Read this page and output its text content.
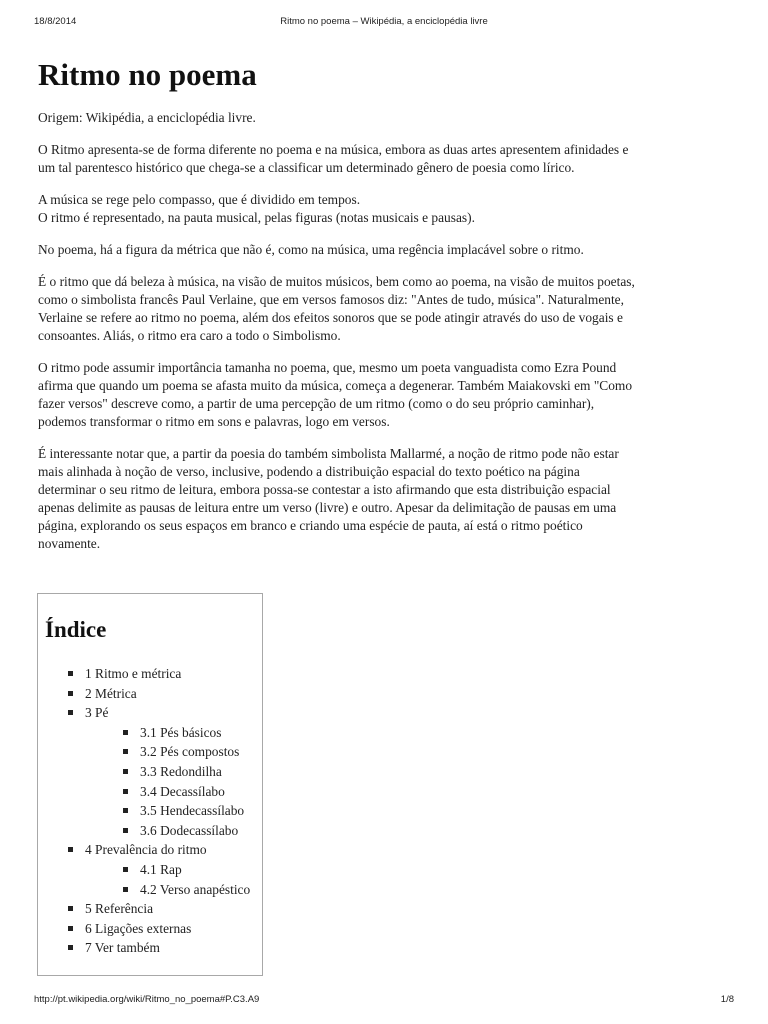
18/8/2014	Ritmo no poema – Wikipédia, a enciclopédia livre
Ritmo no poema
Origem: Wikipédia, a enciclopédia livre.

O Ritmo apresenta-se de forma diferente no poema e na música, embora as duas artes apresentem afinidades e
um tal parentesco histórico que chega-se a classificar um determinado gênero de poesia como lírico.

A música se rege pelo compasso, que é dividido em tempos.
O ritmo é representado, na pauta musical, pelas figuras (notas musicais e pausas).

No poema, há a figura da métrica que não é, como na música, uma regência implacável sobre o ritmo.

É o ritmo que dá beleza à música, na visão de muitos músicos, bem como ao poema, na visão de muitos poetas,
como o simbolista francês Paul Verlaine, que em versos famosos diz: "Antes de tudo, música". Naturalmente,
Verlaine se refere ao ritmo no poema, além dos efeitos sonoros que se pode atingir através do uso de vogais e
consoantes. Aliás, o ritmo era caro a todo o Simbolismo.

O ritmo pode assumir importância tamanha no poema, que, mesmo um poeta vanguadista como Ezra Pound
afirma que quando um poema se afasta muito da música, começa a degenerar. Também Maiakovski em "Como
fazer versos" descreve como, a partir de uma percepção de um ritmo (como o do seu próprio caminhar),
podemos transformar o ritmo em sons e palavras, logo em versos.

É interessante notar que, a partir da poesia do também simbolista Mallarmé, a noção de ritmo pode não estar
mais alinhada à noção de verso, inclusive, podendo a distribuição espacial do texto poético na página
determinar o seu ritmo de leitura, embora possa-se contestar a isto afirmando que esta distribuição espacial
apenas delimite as pausas de leitura entre um verso (livre) e outro. Apesar da delimitação de pausas em uma
página, explorando os seus espaços em branco e criando uma espécie de pauta, aí está o ritmo poético
novamente.

Índice
1 Ritmo e métrica
2 Métrica
3 Pé
3.1 Pés básicos
3.2 Pés compostos
3.3 Redondilha
3.4 Decassílabo
3.5 Hendecassílabo
3.6 Dodecassílabo
4 Prevalência do ritmo
4.1 Rap
4.2 Verso anapéstico
5 Referência
6 Ligações externas
7 Ver também
http://pt.wikipedia.org/wiki/Ritmo_no_poema#P.C3.A9	1/8
